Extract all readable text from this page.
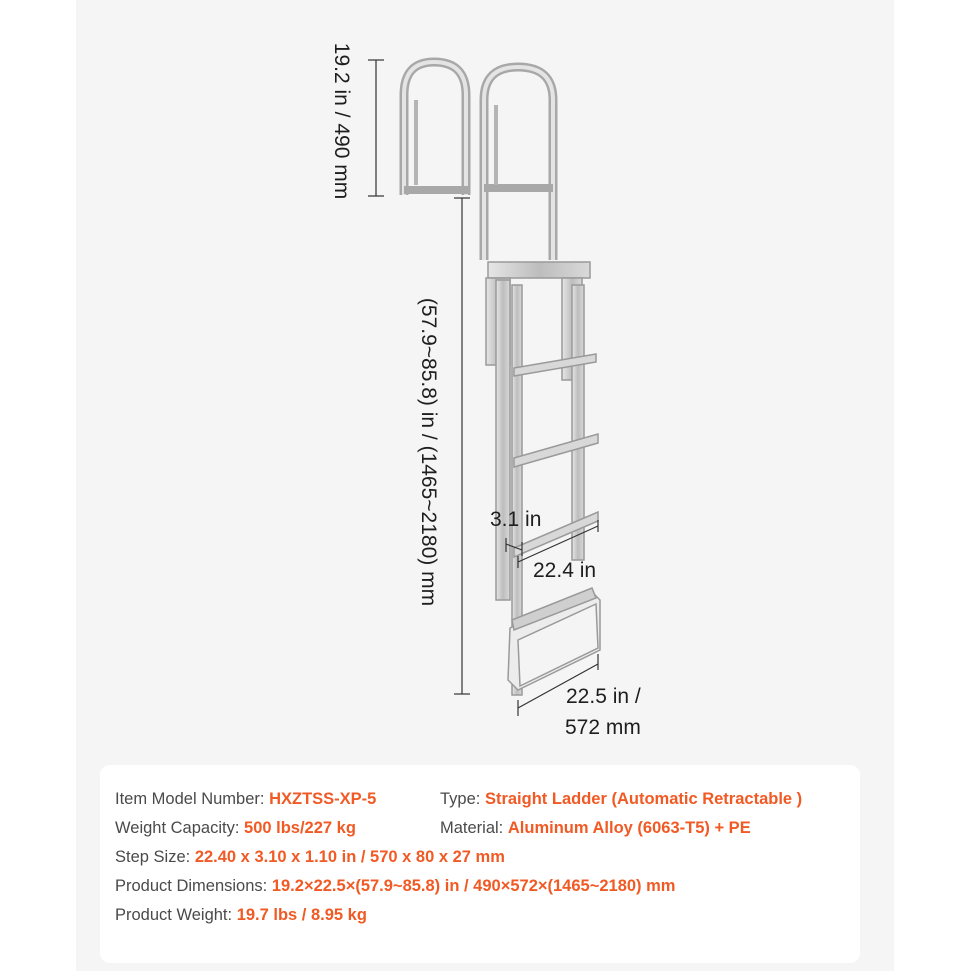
19.2 in / 490 mm
(57.9~85.8) in / (1465~2180) mm 3.1 in
22.4 in
22.5 in /
572 mm
Item Model Number: HXZTSS-XP-5	Type: Straight Ladder (Automatic Retractable )
Weight Capacity: 500 lbs/227 kg	Material: Aluminum Alloy (6063-T5) + PE
Step Size: 22.40 x 3.10 x 1.10 in / 570 x 80 x 27 mm
Product Dimensions: 19.2×22.5×(57.9~85.8) in / 490×572×(1465~2180) mm
Product Weight: 19.7 lbs / 8.95 kg
